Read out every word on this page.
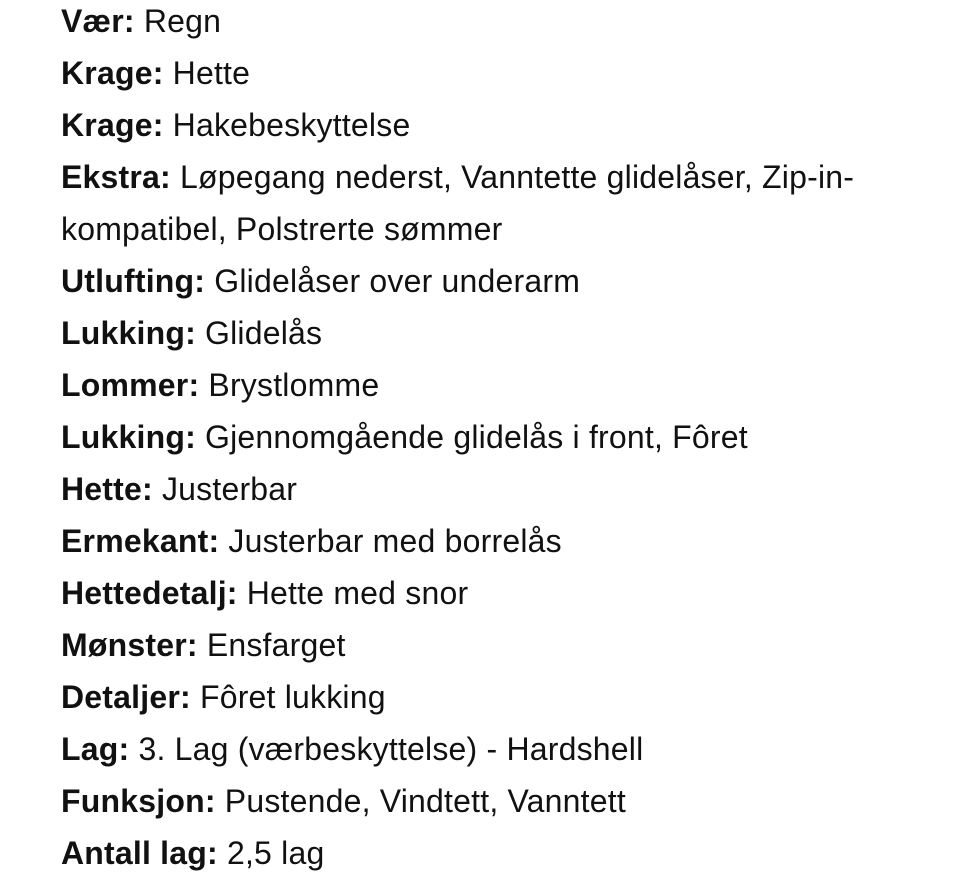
Vær: Regn
Krage: Hette
Krage: Hakebeskyttelse
Ekstra: Løpegang nederst, Vanntette glidelåser, Zip-in-kompatibel, Polstrerte sømmer
Utlufting: Glidelåser over underarm
Lukking: Glidelås
Lommer: Brystlomme
Lukking: Gjennomgående glidelås i front, Fôret
Hette: Justerbar
Ermekant: Justerbar med borrelås
Hettedetalj: Hette med snor
Mønster: Ensfarget
Detaljer: Fôret lukking
Lag: 3. Lag (værbeskyttelse) - Hardshell
Funksjon: Pustende, Vindtett, Vanntett
Antall lag: 2,5 lag
